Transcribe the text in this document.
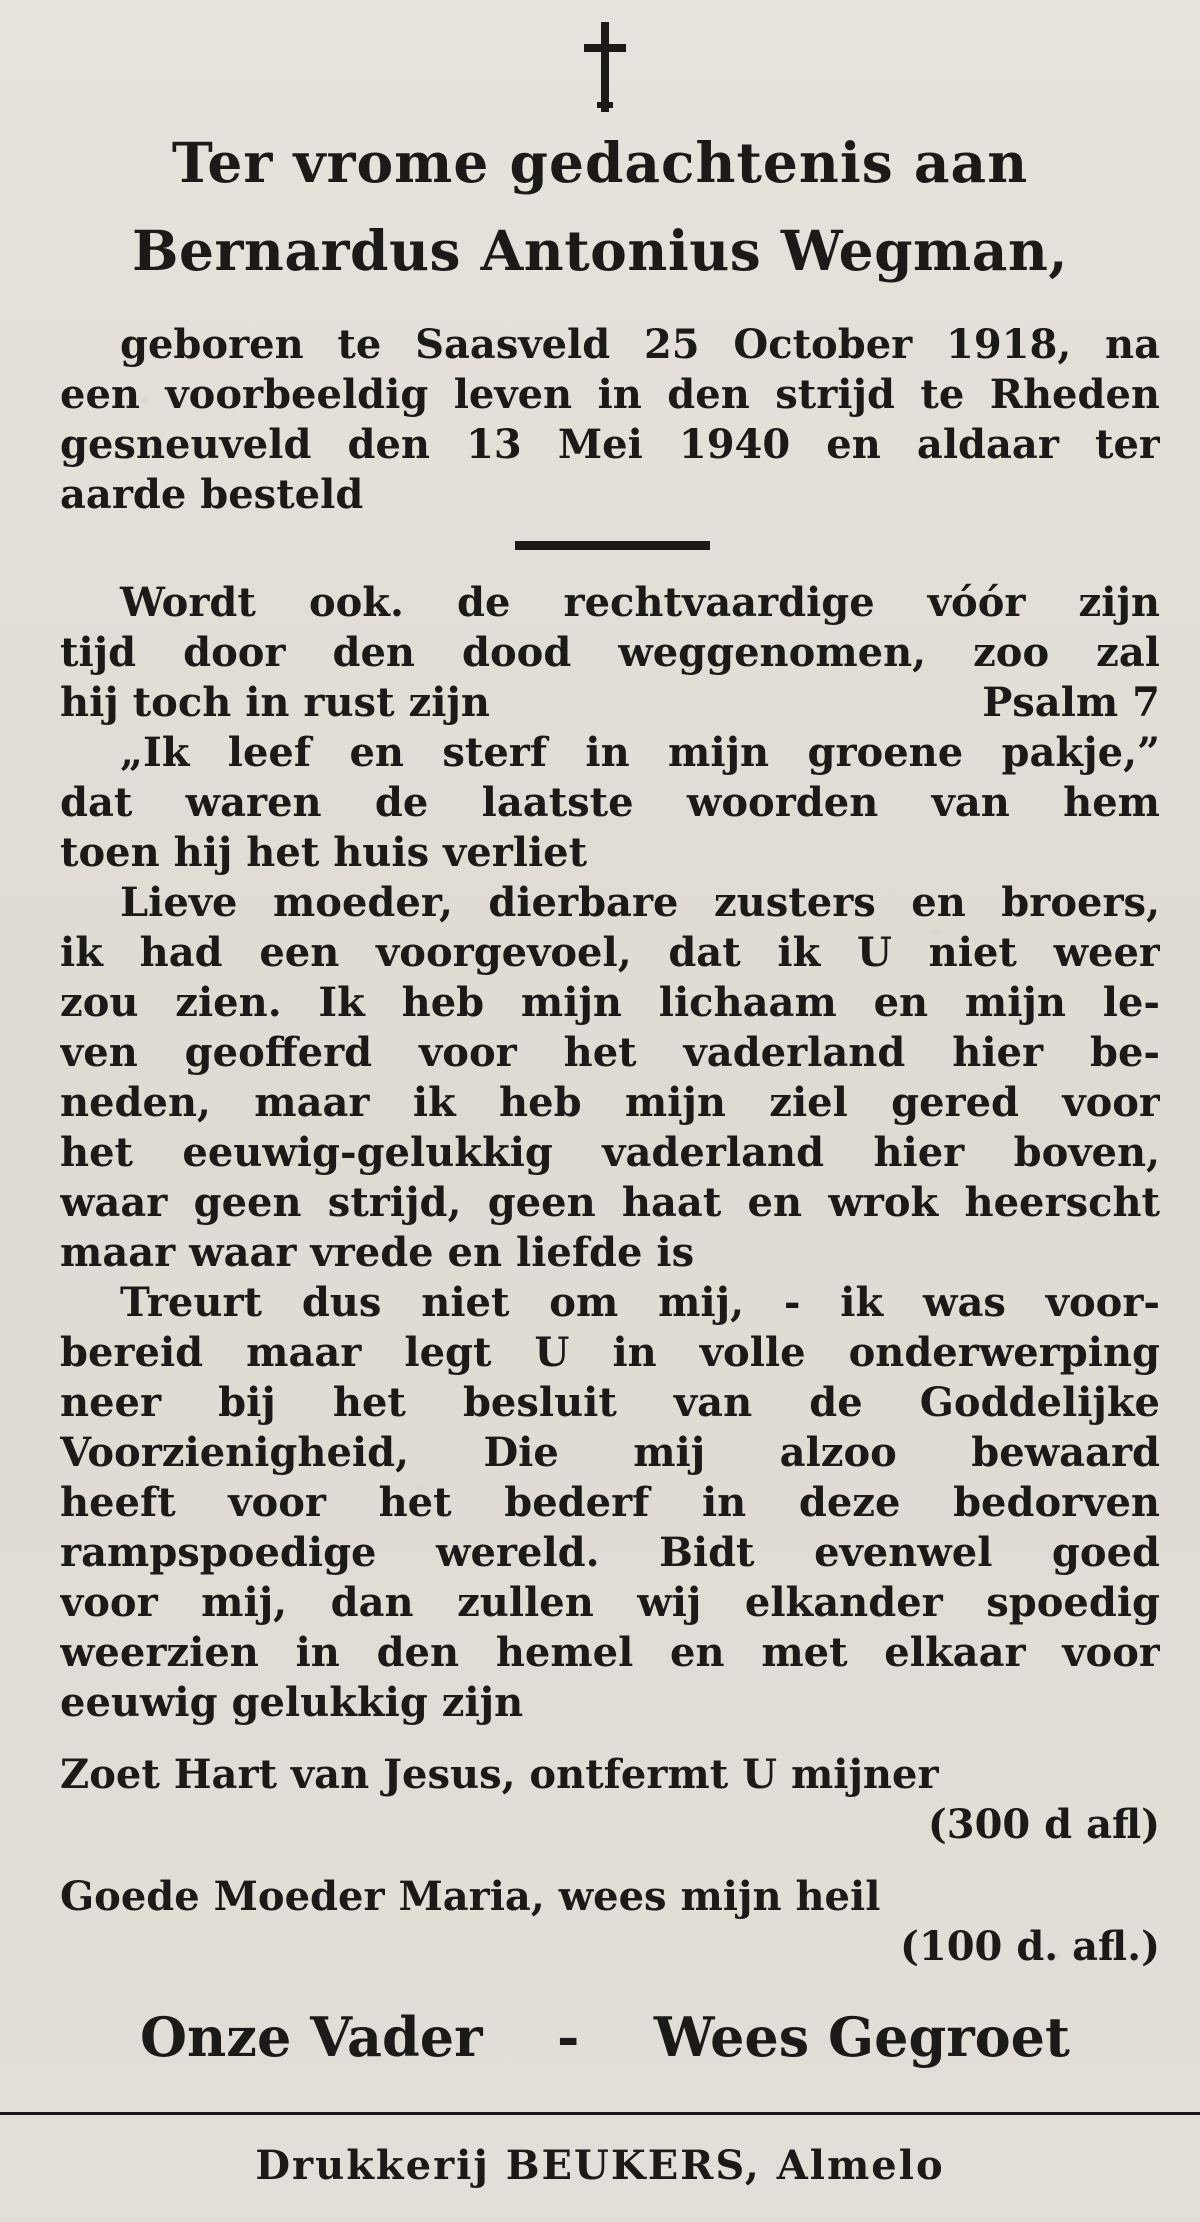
Ter vrome gedachtenis aan
Bernardus Antonius Wegman,
geboren te Saasveld 25 October 1918, na
een voorbeeldig leven in den strijd te Rheden
gesneuveld den 13 Mei 1940 en aldaar ter
aarde besteld
Wordt ook. de rechtvaardige vóór zijn
tijd door den dood weggenomen, zoo zal
hij toch in rust zijn	Psalm 7
„Ik leef en sterf in mijn groene pakje,”
dat waren de laatste woorden van hem
toen hij het huis verliet
Lieve moeder, dierbare zusters en broers,
ik had een voorgevoel, dat ik U niet weer
zou zien. Ik heb mijn lichaam en mijn le-
ven geofferd voor het vaderland hier be-
neden, maar ik heb mijn ziel gered voor
het eeuwig-gelukkig vaderland hier boven,
waar geen strijd, geen haat en wrok heerscht
maar waar vrede en liefde is
Treurt dus niet om mij, - ik was voor-
bereid maar legt U in volle onderwerping
neer bij het besluit van de Goddelijke
Voorzienigheid, Die mij alzoo bewaard
heeft voor het bederf in deze bedorven
rampspoedige wereld. Bidt evenwel goed
voor mij, dan zullen wij elkander spoedig
weerzien in den hemel en met elkaar voor
eeuwig gelukkig zijn
Zoet Hart van Jesus, ontfermt U mijner
(300 d afl)
Goede Moeder Maria, wees mijn heil
(100 d. afl.)
Onze Vader - Wees Gegroet
Drukkerij BEUKERS, Almelo
